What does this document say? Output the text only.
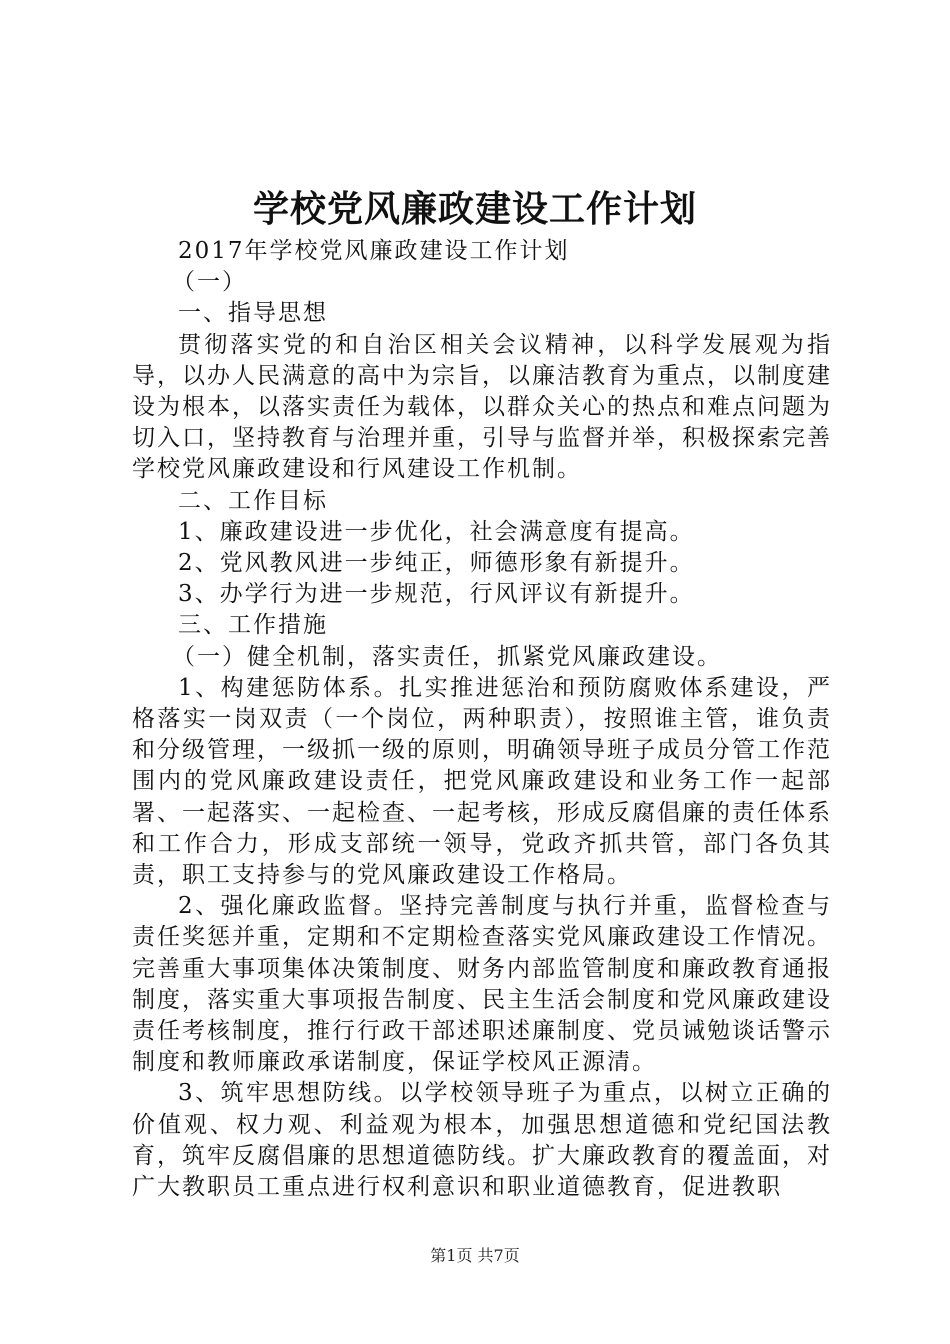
学校党风廉政建设工作计划

2017年学校党风廉政建设工作计划

（一）

一、指导思想

贯彻落实党的和自治区相关会议精神，以科学发展观为指导，以办人民满意的高中为宗旨，以廉洁教育为重点，以制度建设为根本，以落实责任为载体，以群众关心的热点和难点问题为切入口，坚持教育与治理并重，引导与监督并举，积极探索完善学校党风廉政建设和行风建设工作机制。

二、工作目标

1、廉政建设进一步优化，社会满意度有提高。

2、党风教风进一步纯正，师德形象有新提升。

3、办学行为进一步规范，行风评议有新提升。

三、工作措施

（一）健全机制，落实责任，抓紧党风廉政建设。

1、构建惩防体系。扎实推进惩治和预防腐败体系建设，严格落实一岗双责（一个岗位，两种职责），按照谁主管，谁负责和分级管理，一级抓一级的原则，明确领导班子成员分管工作范围内的党风廉政建设责任，把党风廉政建设和业务工作一起部署、一起落实、一起检查、一起考核，形成反腐倡廉的责任体系和工作合力，形成支部统一领导，党政齐抓共管，部门各负其责，职工支持参与的党风廉政建设工作格局。

2、强化廉政监督。坚持完善制度与执行并重，监督检查与责任奖惩并重，定期和不定期检查落实党风廉政建设工作情况。完善重大事项集体决策制度、财务内部监管制度和廉政教育通报制度，落实重大事项报告制度、民主生活会制度和党风廉政建设责任考核制度，推行行政干部述职述廉制度、党员诫勉谈话警示制度和教师廉政承诺制度，保证学校风正源清。

3、筑牢思想防线。以学校领导班子为重点，以树立正确的价值观、权力观、利益观为根本，加强思想道德和党纪国法教育，筑牢反腐倡廉的思想道德防线。扩大廉政教育的覆盖面，对广大教职员工重点进行权利意识和职业道德教育，促进教职

第1页 共7页
